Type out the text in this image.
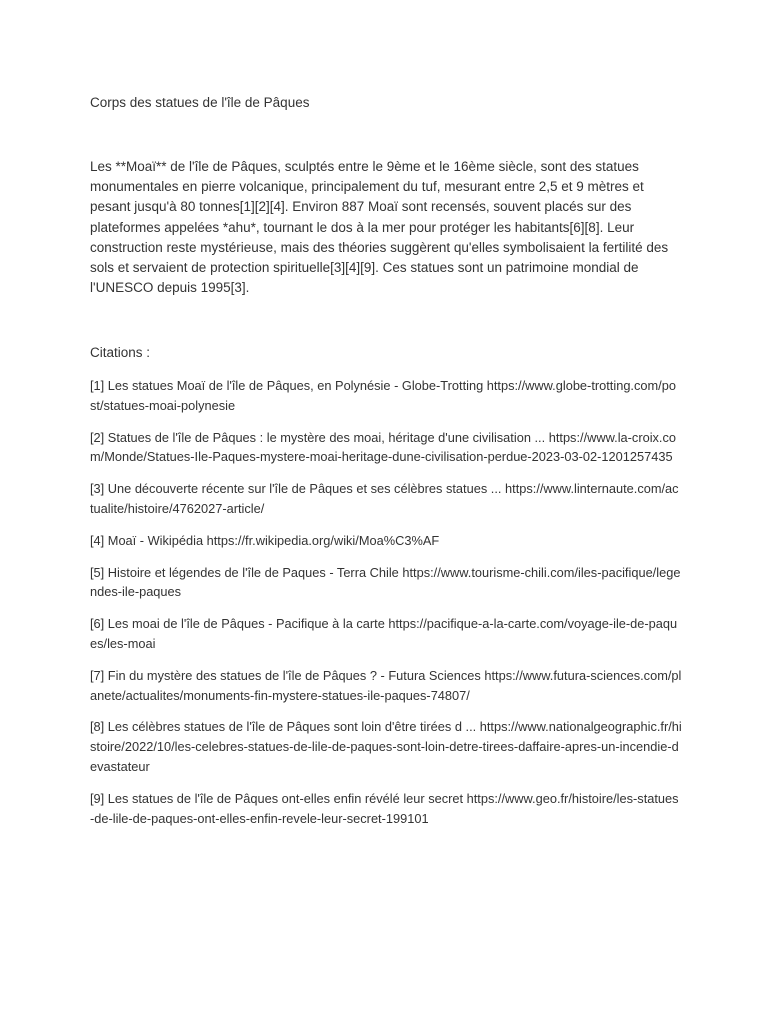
Corps des statues de l'île de Pâques

Les **Moaï** de l'île de Pâques, sculptés entre le 9ème et le 16ème siècle, sont des statues monumentales en pierre volcanique, principalement du tuf, mesurant entre 2,5 et 9 mètres et pesant jusqu'à 80 tonnes[1][2][4]. Environ 887 Moaï sont recensés, souvent placés sur des plateformes appelées *ahu*, tournant le dos à la mer pour protéger les habitants[6][8]. Leur construction reste mystérieuse, mais des théories suggèrent qu'elles symbolisaient la fertilité des sols et servaient de protection spirituelle[3][4][9]. Ces statues sont un patrimoine mondial de l'UNESCO depuis 1995[3].

Citations :
[1] Les statues Moaï de l'île de Pâques, en Polynésie - Globe-Trotting https://www.globe-trotting.com/post/statues-moai-polynesie
[2] Statues de l'île de Pâques : le mystère des moai, héritage d'une civilisation ... https://www.la-croix.com/Monde/Statues-Ile-Paques-mystere-moai-heritage-dune-civilisation-perdue-2023-03-02-1201257435
[3] Une découverte récente sur l'île de Pâques et ses célèbres statues ... https://www.linternaute.com/actualite/histoire/4762027-article/
[4] Moaï - Wikipédia https://fr.wikipedia.org/wiki/Moa%C3%AF
[5] Histoire et légendes de l'île de Paques - Terra Chile https://www.tourisme-chili.com/iles-pacifique/legendes-ile-paques
[6] Les moai de l'île de Pâques - Pacifique à la carte https://pacifique-a-la-carte.com/voyage-ile-de-paques/les-moai
[7] Fin du mystère des statues de l'île de Pâques ? - Futura Sciences https://www.futura-sciences.com/planete/actualites/monuments-fin-mystere-statues-ile-paques-74807/
[8] Les célèbres statues de l'île de Pâques sont loin d'être tirées d ... https://www.nationalgeographic.fr/histoire/2022/10/les-celebres-statues-de-lile-de-paques-sont-loin-detre-tirees-daffaire-apres-un-incendie-devastateur
[9] Les statues de l'île de Pâques ont-elles enfin révélé leur secret https://www.geo.fr/histoire/les-statues-de-lile-de-paques-ont-elles-enfin-revele-leur-secret-199101
